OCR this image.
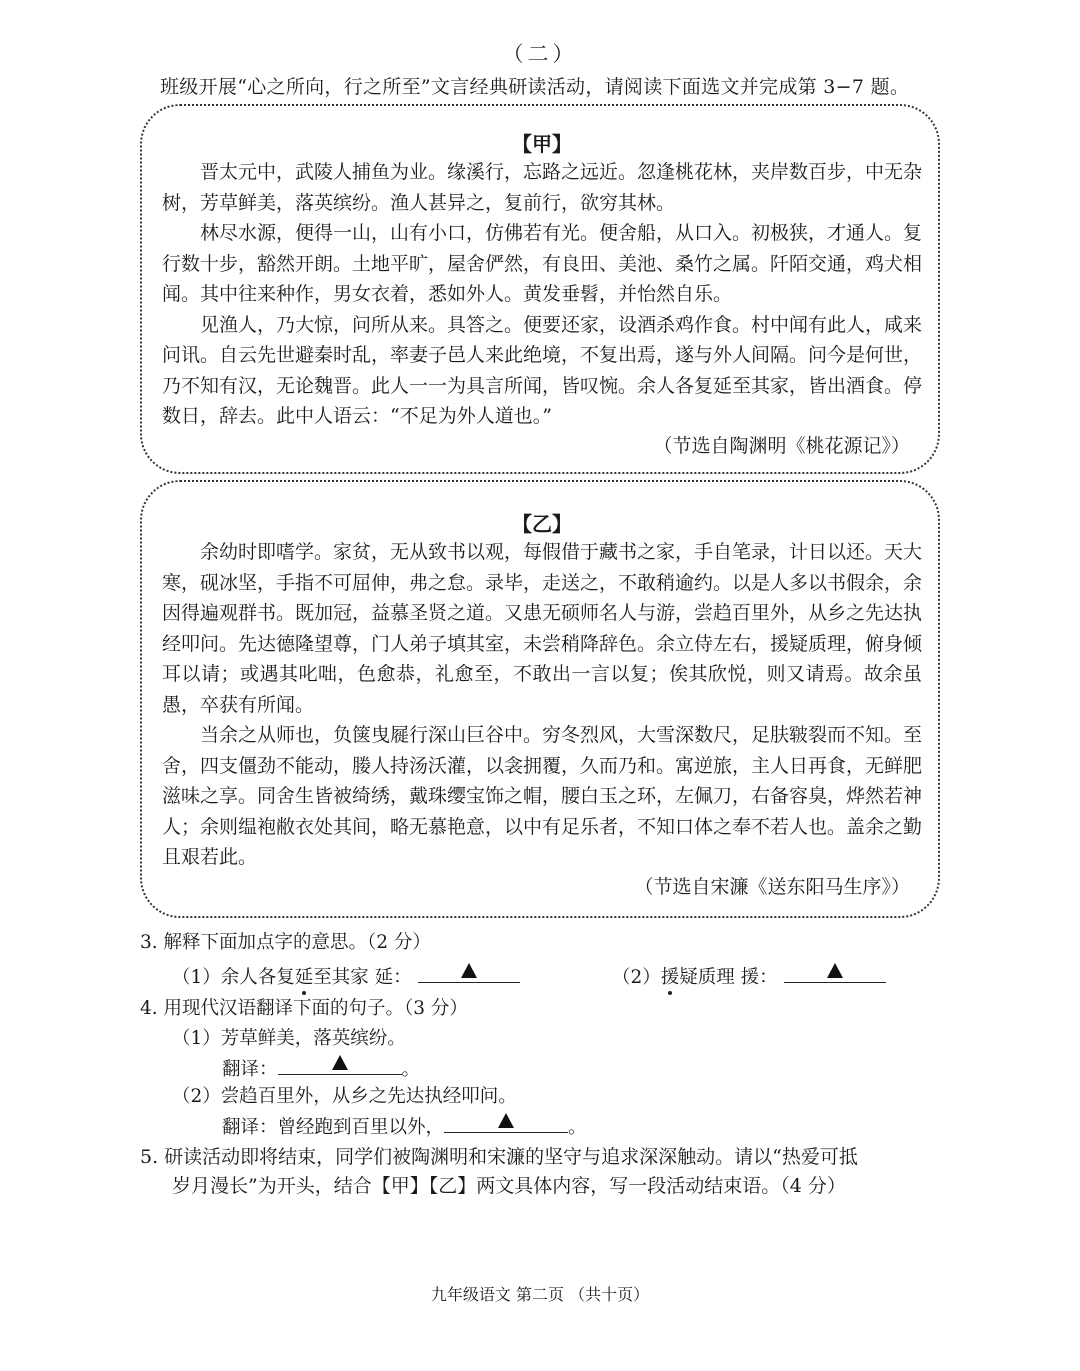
（二）
班级开展“心之所向，行之所至”文言经典研读活动，请阅读下面选文并完成第 3−7 题。
【甲】

晋太元中，武陵人捕鱼为业。缘溪行，忘路之远近。忽逢桃花林，夹岸数百步，中无杂树，芳草鲜美，落英缤纷。渔人甚异之，复前行，欲穷其林。

林尽水源，便得一山，山有小口，仿佛若有光。便舍船，从口入。初极狭，才通人。复行数十步，豁然开朗。土地平旷，屋舍俨然，有良田、美池、桑竹之属。阡陌交通，鸡犬相闻。其中往来种作，男女衣着，悉如外人。黄发垂髫，并怡然自乐。

见渔人，乃大惊，问所从来。具答之。便要还家，设酒杀鸡作食。村中闻有此人，咸来问讯。自云先世避秦时乱，率妻子邑人来此绝境，不复出焉，遂与外人间隔。问今是何世，乃不知有汉，无论魏晋。此人一一为具言所闻，皆叹惋。余人各复延至其家，皆出酒食。停数日，辞去。此中人语云：“不足为外人道也。”

（节选自陶渊明《桃花源记》）
【乙】

余幼时即嗜学。家贫，无从致书以观，每假借于藏书之家，手自笔录，计日以还。天大寒，砚冰坚，手指不可屈伸，弗之怠。录毕，走送之，不敢稍逾约。以是人多以书假余，余因得遍观群书。既加冠，益慕圣贤之道。又患无硕师名人与游，尝趋百里外，从乡之先达执经叩问。先达德隆望尊，门人弟子填其室，未尝稍降辞色。余立侍左右，援疑质理，俯身倾耳以请；或遇其叱咄，色愈恭，礼愈至，不敢出一言以复；俟其欣悦，则又请焉。故余虽愚，卒获有所闻。

当余之从师也，负箧曳屣行深山巨谷中。穷冬烈风，大雪深数尺，足肤皲裂而不知。至舍，四支僵劲不能动，媵人持汤沃灌，以衾拥覆，久而乃和。寓逆旅，主人日再食，无鲜肥滋味之享。同舍生皆被绮绣，戴珠缨宝饰之帽，腰白玉之环，左佩刀，右备容臭，烨然若神人；余则缊袍敝衣处其间，略无慕艳意，以中有足乐者，不知口体之奉不若人也。盖余之勤且艰若此。

（节选自宋濂《送东阳马生序》）
3. 解释下面加点字的意思。（2 分）
（1）余人各复延至其家 延：	（2）援疑质理 援：
4. 用现代汉语翻译下面的句子。（3 分）
（1）芳草鲜美，落英缤纷。
翻译：	。
（2）尝趋百里外，从乡之先达执经叩问。
翻译：曾经跑到百里以外，	。
5. 研读活动即将结束，同学们被陶渊明和宋濂的坚守与追求深深触动。请以“热爱可抵
岁月漫长”为开头，结合【甲】【乙】两文具体内容，写一段活动结束语。（4 分）
九年级语文 第二页 （共十页）
